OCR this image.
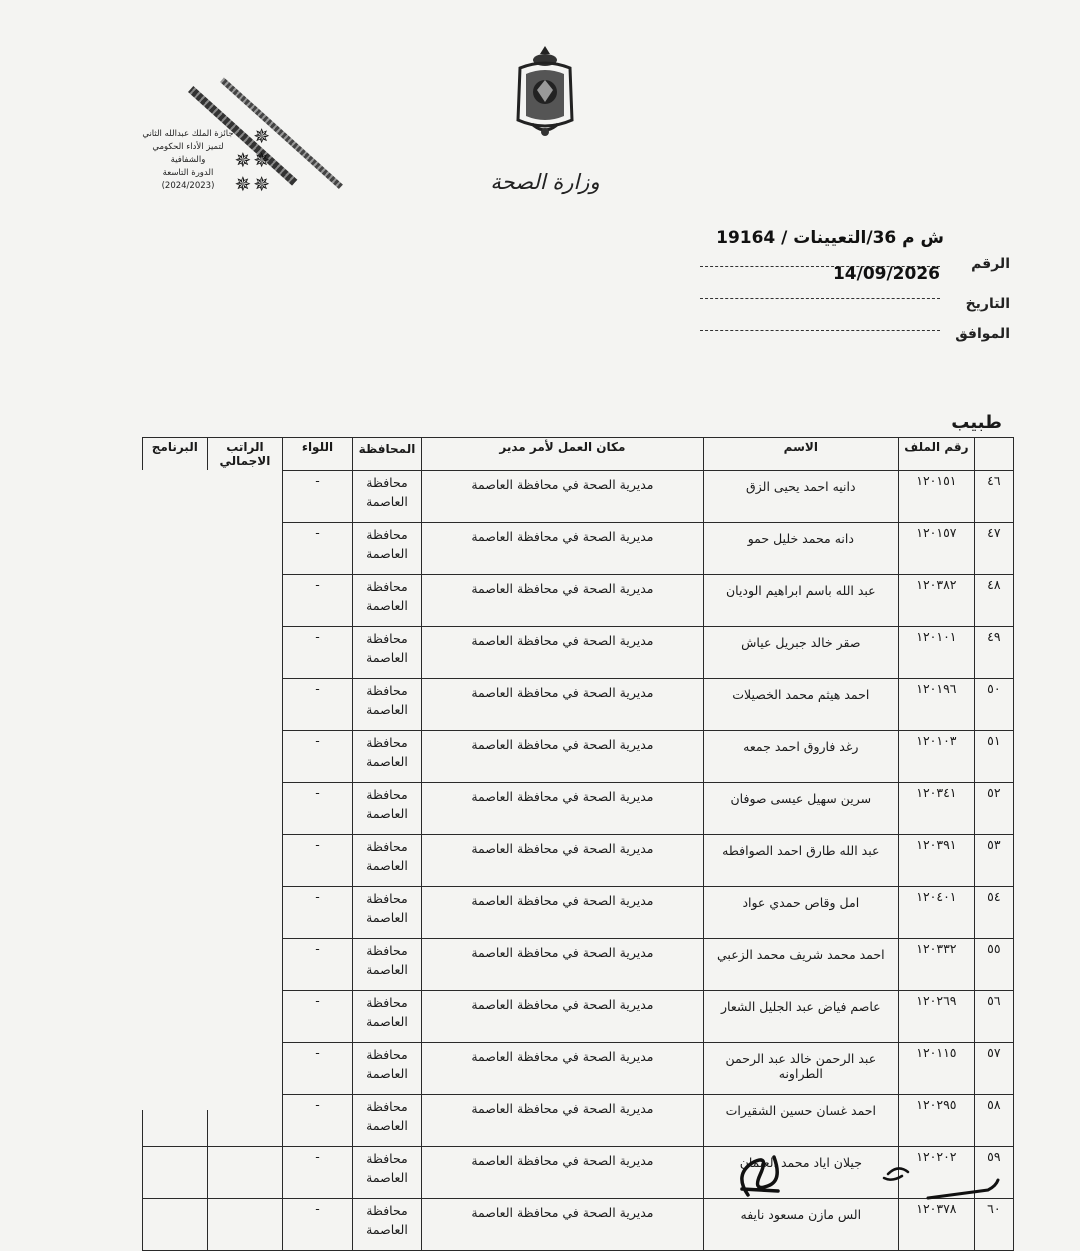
وزارة الصحة
جائزة الملك عبدالله الثاني
لتميز الأداء الحكومي والشفافية
الدورة التاسعة
(2024/2023)
✵
✵ ✵
✵ ✵
ش م 36/التعيينات / 19164
الرقم
14/09/2026
التاريخ
الموافق
طبيب
	رقم الملف	الاسم	مكان العمل لأمر مدير	المحافظة	اللواء	الراتب الاجمالي	البرنامج
٤٦	١٢٠١٥١	دانيه احمد يحيى الزق	مديرية الصحة في محافظة العاصمة	محافظة العاصمة	-		
٤٧	١٢٠١٥٧	دانه محمد خليل حمو	مديرية الصحة في محافظة العاصمة	محافظة العاصمة	-		
٤٨	١٢٠٣٨٢	عبد الله باسم ابراهيم الوديان	مديرية الصحة في محافظة العاصمة	محافظة العاصمة	-		
٤٩	١٢٠١٠١	صقر خالد جبريل عياش	مديرية الصحة في محافظة العاصمة	محافظة العاصمة	-		
٥٠	١٢٠١٩٦	احمد هيثم محمد الخصيلات	مديرية الصحة في محافظة العاصمة	محافظة العاصمة	-		
٥١	١٢٠١٠٣	رغد فاروق احمد جمعه	مديرية الصحة في محافظة العاصمة	محافظة العاصمة	-		
٥٢	١٢٠٣٤١	سرين سهيل عيسى صوفان	مديرية الصحة في محافظة العاصمة	محافظة العاصمة	-		
٥٣	١٢٠٣٩١	عبد الله طارق احمد الصوافطه	مديرية الصحة في محافظة العاصمة	محافظة العاصمة	-		
٥٤	١٢٠٤٠١	امل وقاص حمدي عواد	مديرية الصحة في محافظة العاصمة	محافظة العاصمة	-		
٥٥	١٢٠٣٣٢	احمد محمد شريف محمد الزعبي	مديرية الصحة في محافظة العاصمة	محافظة العاصمة	-		
٥٦	١٢٠٢٦٩	عاصم فياض عبد الجليل الشعار	مديرية الصحة في محافظة العاصمة	محافظة العاصمة	-		
٥٧	١٢٠١١٥	عبد الرحمن خالد عبد الرحمن الطراونه	مديرية الصحة في محافظة العاصمة	محافظة العاصمة	-		
٥٨	١٢٠٢٩٥	احمد غسان حسين الشقيرات	مديرية الصحة في محافظة العاصمة	محافظة العاصمة	-		
٥٩	١٢٠٢٠٢	جيلان اياد محمد العثمان	مديرية الصحة في محافظة العاصمة	محافظة العاصمة	-		
٦٠	١٢٠٣٧٨	الس مازن مسعود نايفه	مديرية الصحة في محافظة العاصمة	محافظة العاصمة	-		
